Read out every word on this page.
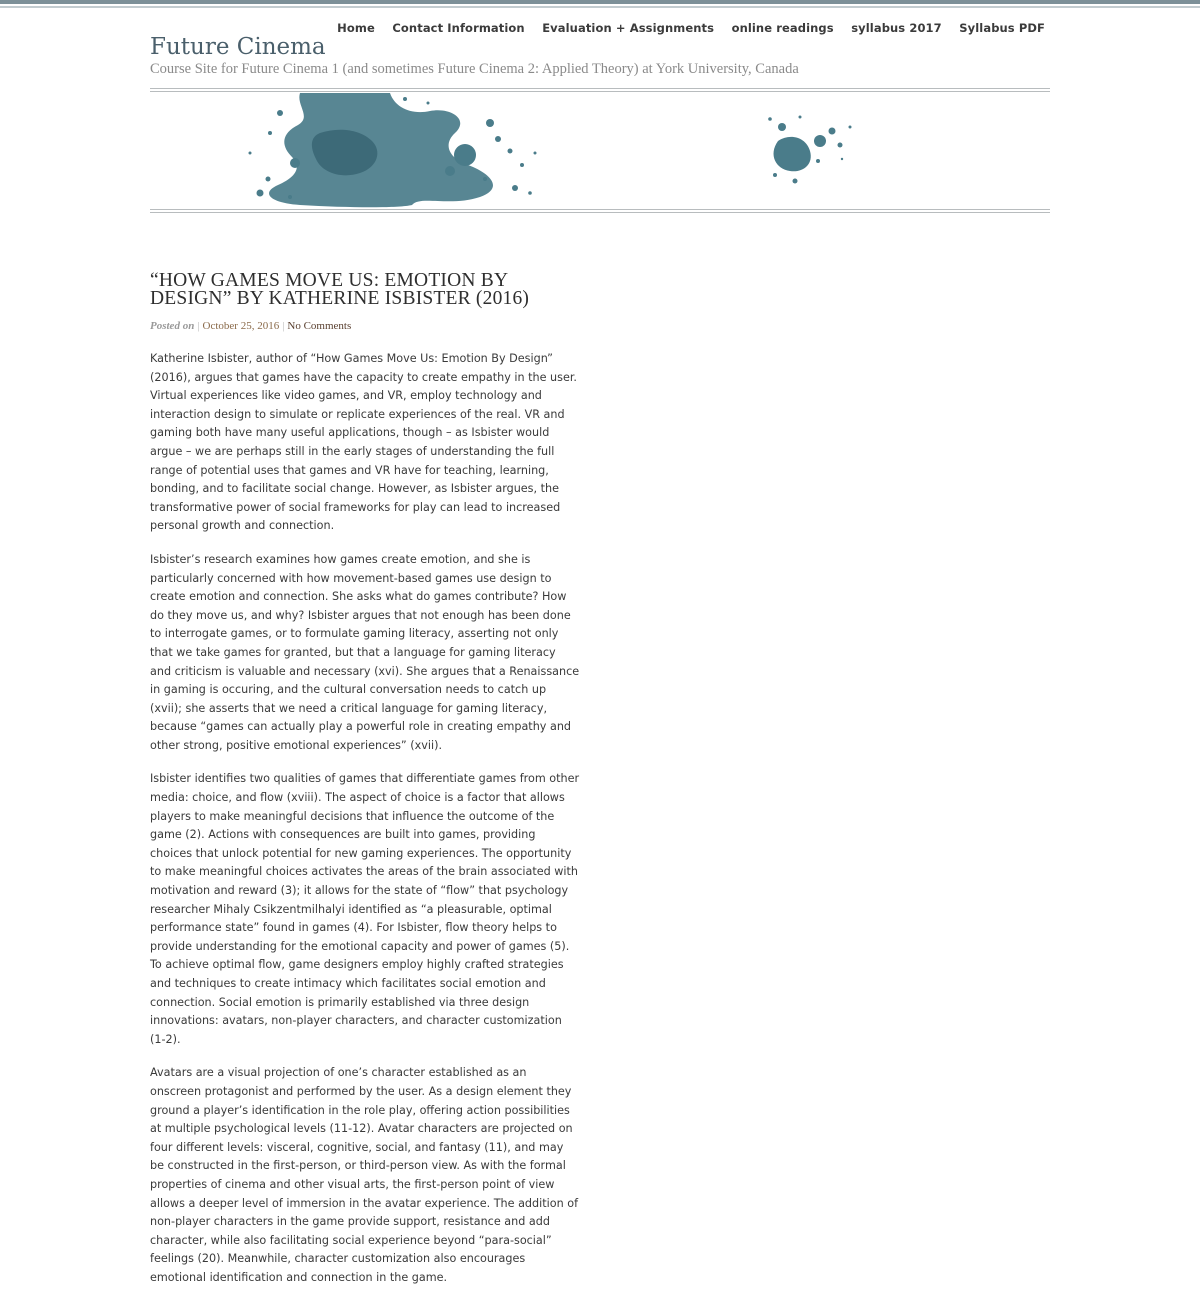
Home Contact Information Evaluation + Assignments online readings syllabus 2017 Syllabus PDF
Future Cinema

Course Site for Future Cinema 1 (and sometimes Future Cinema 2: Applied Theory) at York University, Canada

“HOW GAMES MOVE US: EMOTION BY DESIGN” BY KATHERINE ISBISTER (2016)
Posted on | October 25, 2016 | No Comments

Katherine Isbister, author of “How Games Move Us: Emotion By Design” (2016), argues that games have the capacity to create empathy in the user. Virtual experiences like video games, and VR, employ technology and interaction design to simulate or replicate experiences of the real. VR and gaming both have many useful applications, though – as Isbister would argue – we are perhaps still in the early stages of understanding the full range of potential uses that games and VR have for teaching, learning, bonding, and to facilitate social change. However, as Isbister argues, the transformative power of social frameworks for play can lead to increased personal growth and connection.

Isbister’s research examines how games create emotion, and she is particularly concerned with how movement-based games use design to create emotion and connection. She asks what do games contribute? How do they move us, and why? Isbister argues that not enough has been done to interrogate games, or to formulate gaming literacy, asserting not only that we take games for granted, but that a language for gaming literacy and criticism is valuable and necessary (xvi). She argues that a Renaissance in gaming is occuring, and the cultural conversation needs to catch up (xvii); she asserts that we need a critical language for gaming literacy, because “games can actually play a powerful role in creating empathy and other strong, positive emotional experiences” (xvii).

Isbister identifies two qualities of games that differentiate games from other media: choice, and flow (xviii). The aspect of choice is a factor that allows players to make meaningful decisions that influence the outcome of the game (2). Actions with consequences are built into games, providing choices that unlock potential for new gaming experiences. The opportunity to make meaningful choices activates the areas of the brain associated with motivation and reward (3); it allows for the state of “flow” that psychology researcher Mihaly Csikzentmilhalyi identified as “a pleasurable, optimal performance state” found in games (4). For Isbister, flow theory helps to provide understanding for the emotional capacity and power of games (5). To achieve optimal flow, game designers employ highly crafted strategies and techniques to create intimacy which facilitates social emotion and connection. Social emotion is primarily established via three design innovations: avatars, non-player characters, and character customization (1-2).

Avatars are a visual projection of one’s character established as an onscreen protagonist and performed by the user. As a design element they ground a player’s identification in the role play, offering action possibilities at multiple psychological levels (11-12). Avatar characters are projected on four different levels: visceral, cognitive, social, and fantasy (11), and may be constructed in the first-person, or third-person view. As with the formal properties of cinema and other visual arts, the first-person point of view allows a deeper level of immersion in the avatar experience. The addition of non-player characters in the game provide support, resistance and add character, while also facilitating social experience beyond “para-social” feelings (20). Meanwhile, character customization also encourages emotional identification and connection in the game.
